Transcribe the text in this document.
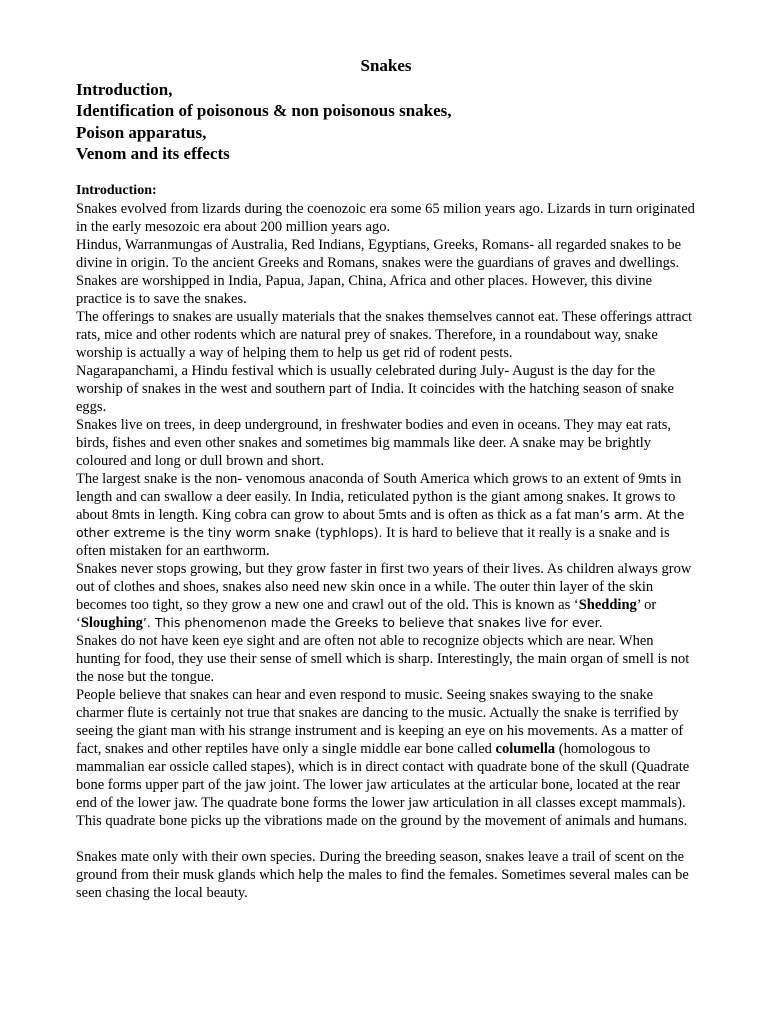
Snakes
Introduction,
Identification of poisonous & non poisonous snakes,
Poison apparatus,
Venom and its effects
Introduction:

Snakes evolved from lizards during the coenozoic era some 65 milion years ago. Lizards in turn originated in the early mesozoic era about 200 million years ago.

Hindus, Warranmungas of Australia, Red Indians, Egyptians, Greeks, Romans- all regarded snakes to be divine in origin. To the ancient Greeks and Romans, snakes were the guardians of graves and dwellings. Snakes are worshipped in India, Papua, Japan, China, Africa and other places. However, this divine practice is to save the snakes.

The offerings to snakes are usually materials that the snakes themselves cannot eat. These offerings attract rats, mice and other rodents which are natural prey of snakes. Therefore, in a roundabout way, snake worship is actually a way of helping them to help us get rid of rodent pests.

Nagarapanchami, a Hindu festival which is usually celebrated during July- August is the day for the worship of snakes in the west and southern part of India. It coincides with the hatching season of snake eggs.

Snakes live on trees, in deep underground, in freshwater bodies and even in oceans. They may eat rats, birds, fishes and even other snakes and sometimes big mammals like deer. A snake may be brightly coloured and long or dull brown and short.

The largest snake is the non- venomous anaconda of South America which grows to an extent of 9mts in length and can swallow a deer easily. In India, reticulated python is the giant among snakes. It grows to about 8mts in length. King cobra can grow to about 5mts and is often as thick as a fat man’s arm. At the other extreme is the tiny worm snake (typhlops). It is hard to believe that it really is a snake and is often mistaken for an earthworm.

Snakes never stops growing, but they grow faster in first two years of their lives. As children always grow out of clothes and shoes, snakes also need new skin once in a while. The outer thin layer of the skin becomes too tight, so they grow a new one and crawl out of the old. This is known as ‘Shedding’ or ‘Sloughing’. This phenomenon made the Greeks to believe that snakes live for ever.

Snakes do not have keen eye sight and are often not able to recognize objects which are near. When hunting for food, they use their sense of smell which is sharp. Interestingly, the main organ of smell is not the nose but the tongue.

People believe that snakes can hear and even respond to music. Seeing snakes swaying to the snake charmer flute is certainly not true that snakes are dancing to the music. Actually the snake is terrified by seeing the giant man with his strange instrument and is keeping an eye on his movements. As a matter of fact, snakes and other reptiles have only a single middle ear bone called columella (homologous to mammalian ear ossicle called stapes), which is in direct contact with quadrate bone of the skull (Quadrate bone forms upper part of the jaw joint. The lower jaw articulates at the articular bone, located at the rear end of the lower jaw. The quadrate bone forms the lower jaw articulation in all classes except mammals). This quadrate bone picks up the vibrations made on the ground by the movement of animals and humans.

Snakes mate only with their own species. During the breeding season, snakes leave a trail of scent on the ground from their musk glands which help the males to find the females. Sometimes several males can be seen chasing the local beauty.
